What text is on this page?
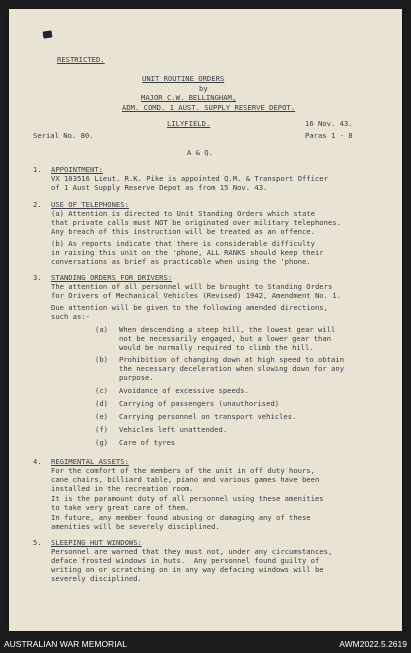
RESTRICTED.
UNIT ROUTINE ORDERS
by
MAJOR C.W. BELLINGHAM,
ADM. COMD. 1 AUST. SUPPLY RESERVE DEPOT.
LILYFIELD.	16 Nov. 43.
Serial No. 80.	Paras 1 - 8
A & Q.
1. APPOINTMENT:
VX 103516 Lieut. R.K. Pike is appointed Q.M. & Transport Officer
of 1 Aust Supply Reserve Depot as from 15 Nov. 43.
2. USE OF TELEPHONES:
(a) Attention is directed to Unit Standing Orders which state
that private calls must NOT be originated over military telephones.
Any breach of this instruction will be treated as an offence.
(b) As reports indicate that there is considerable difficulty
in raising this unit on the 'phone, ALL RANKS should keep their
conversations as brief as practicable when using the 'phone.
3. STANDING ORDERS FOR DRIVERS:
The attention of all personnel will be brought to Standing Orders
for Drivers of Mechanical Vehicles (Revised) 1942, Amendment No. 1.
Due attention will be given to the following amended directions,
such as:-
(a) When descending a steep hill, the lowest gear will
not be necessarily engaged, but a lower gear than
would be normally required to climb the hill.
(b) Prohibition of changing down at high speed to obtain
the necessary deceleration when slowing down for any
purpose.
(c) Avoidance of excessive speeds.
(d) Carrying of passengers (unauthorised)
(e) Carrying personnel on transport vehicles.
(f) Vehicles left unattended.
(g) Care of tyres
4. REGIMENTAL ASSETS:
For the comfort of the members of the unit in off duty hours,
cane chairs, billiard table, piano and various games have been
installed in the recreation room.
It is the paramount duty of all personnel using these amenities
to take very great care of them.
In future, any member found abusing or damaging any of these
amenities will be severely disciplined.
5. SLEEPING HUT WINDOWS:
Personnel are warned that they must not, under any circumstances,
deface frosted windows in huts.  Any personnel found guilty of
writing on or scratching on in any way defacing windows will be
severely disciplined.
AUSTRALIAN WAR MEMORIAL	AWM2022.5.2619
